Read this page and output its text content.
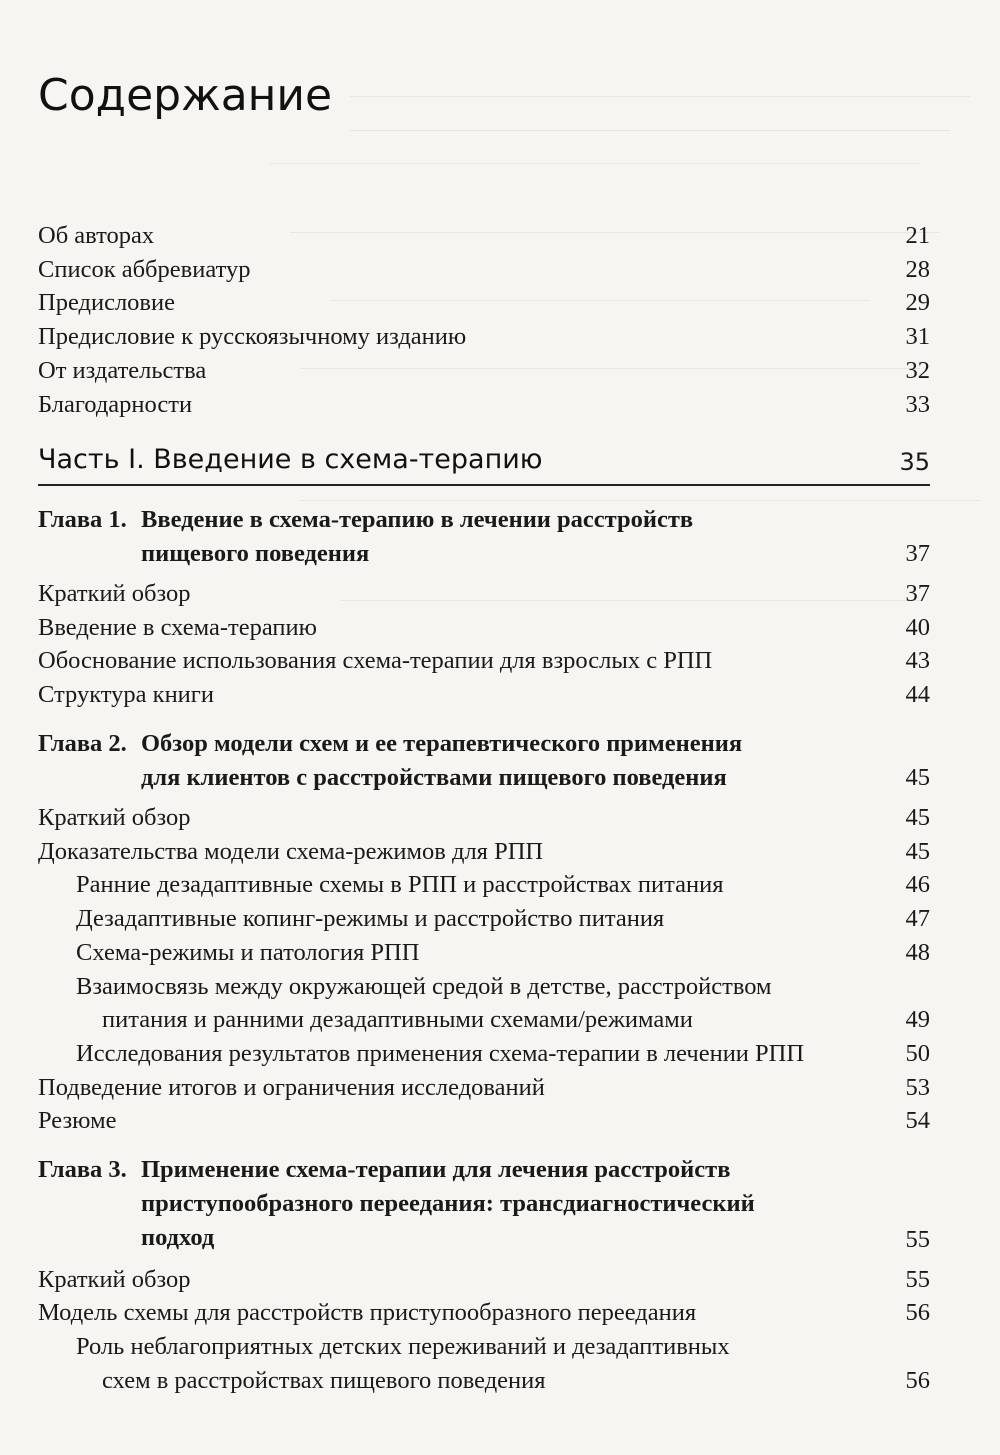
Содержание
Об авторах	21
Список аббревиатур	28
Предисловие	29
Предисловие к русскоязычному изданию	31
От издательства	32
Благодарности	33
Часть I. Введение в схема-терапию	35
Глава 1. Введение в схема-терапию в лечении расстройств
пищевого поведения	37
Краткий обзор	37
Введение в схема-терапию	40
Обоснование использования схема-терапии для взрослых с РПП	43
Структура книги	44
Глава 2. Обзор модели схем и ее терапевтического применения
для клиентов с расстройствами пищевого поведения	45
Краткий обзор	45
Доказательства модели схема-режимов для РПП	45
Ранние дезадаптивные схемы в РПП и расстройствах питания	46
Дезадаптивные копинг-режимы и расстройство питания	47
Схема-режимы и патология РПП	48
Взаимосвязь между окружающей средой в детстве, расстройством
питания и ранними дезадаптивными схемами/режимами	49
Исследования результатов применения схема-терапии в лечении РПП	50
Подведение итогов и ограничения исследований	53
Резюме	54
Глава 3. Применение схема-терапии для лечения расстройств
приступообразного переедания: трансдиагностический
подход	55
Краткий обзор	55
Модель схемы для расстройств приступообразного переедания	56
Роль неблагоприятных детских переживаний и дезадаптивных
схем в расстройствах пищевого поведения	56
